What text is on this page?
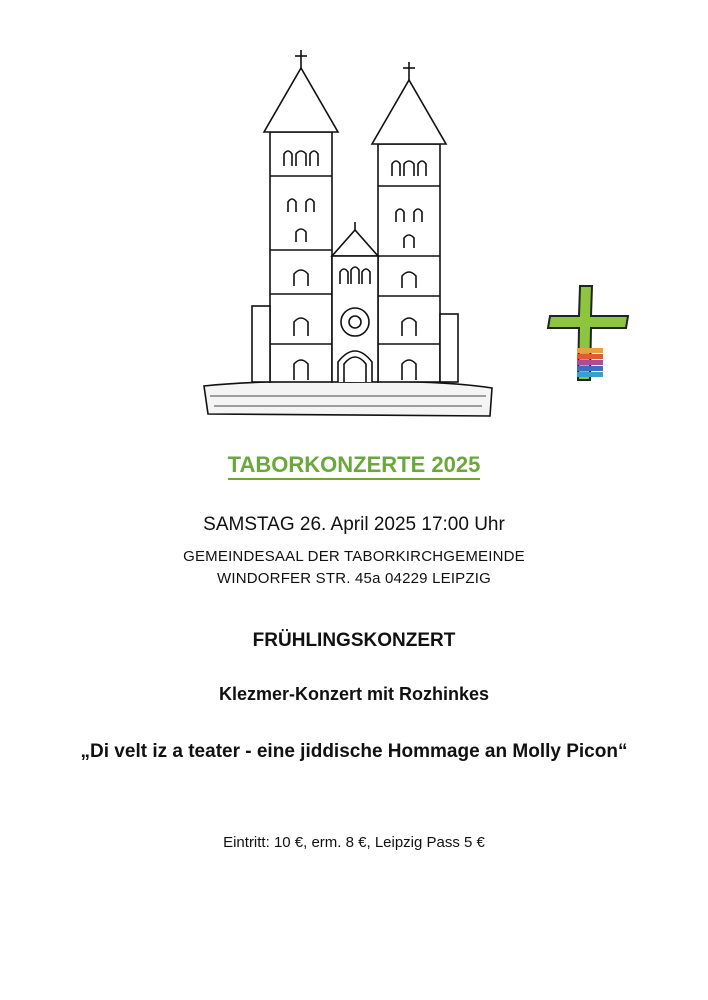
TABORKONZERTE 2025
SAMSTAG 26. April 2025 17:00 Uhr
GEMEINDESAAL DER TABORKIRCHGEMEINDE
WINDORFER STR. 45a 04229 LEIPZIG
FRÜHLINGSKONZERT
Klezmer-Konzert mit Rozhinkes
„Di velt iz a teater - eine jiddische Hommage an Molly Picon“
Eintritt: 10 €, erm. 8 €, Leipzig Pass 5 €
